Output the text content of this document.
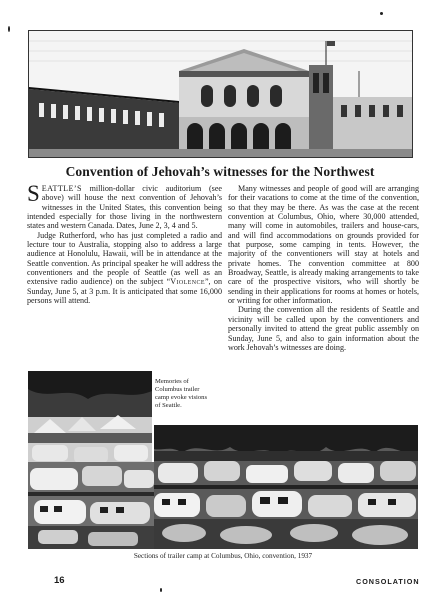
Convention of Jehovah’s witnesses for the Northwest

SEATTLE’S million-dollar civic auditorium (see above) will house the next convention of Jehovah’s witnesses in the United States, this convention being intended especially for those living in the northwestern states and western Canada. Dates, June 2, 3, 4 and 5.

Judge Rutherford, who has just completed a radio and lecture tour to Australia, stopping also to address a large audience at Honolulu, Hawaii, will be in attendance at the Seattle convention. As principal speaker he will address the conventioners and the people of Seattle (as well as an extensive radio audience) on the subject “Violence”, on Sunday, June 5, at 3 p.m. It is anticipated that some 16,000 persons will attend.

Many witnesses and people of good will are arranging for their vacations to come at the time of the convention, so that they may be there. As was the case at the recent convention at Columbus, Ohio, where 30,000 attended, many will come in automobiles, trailers and house-cars, and will find accommodations on grounds provided for that purpose, some camping in tents. However, the majority of the conventioners will stay at hotels and private homes. The convention committee at 800 Broadway, Seattle, is already making arrangements to take care of the prospective visitors, who will shortly be sending in their applications for rooms at homes or hotels, or writing for other information.

During the convention all the residents of Seattle and vicinity will be called upon by the conventioners and personally invited to attend the great public assembly on Sunday, June 5, and also to gain information about the work Jehovah’s witnesses are doing.

Memories of Columbus trailer camp evoke visions of Seattle.
Sections of trailer camp at Columbus, Ohio, convention, 1937
16	CONSOLATION
